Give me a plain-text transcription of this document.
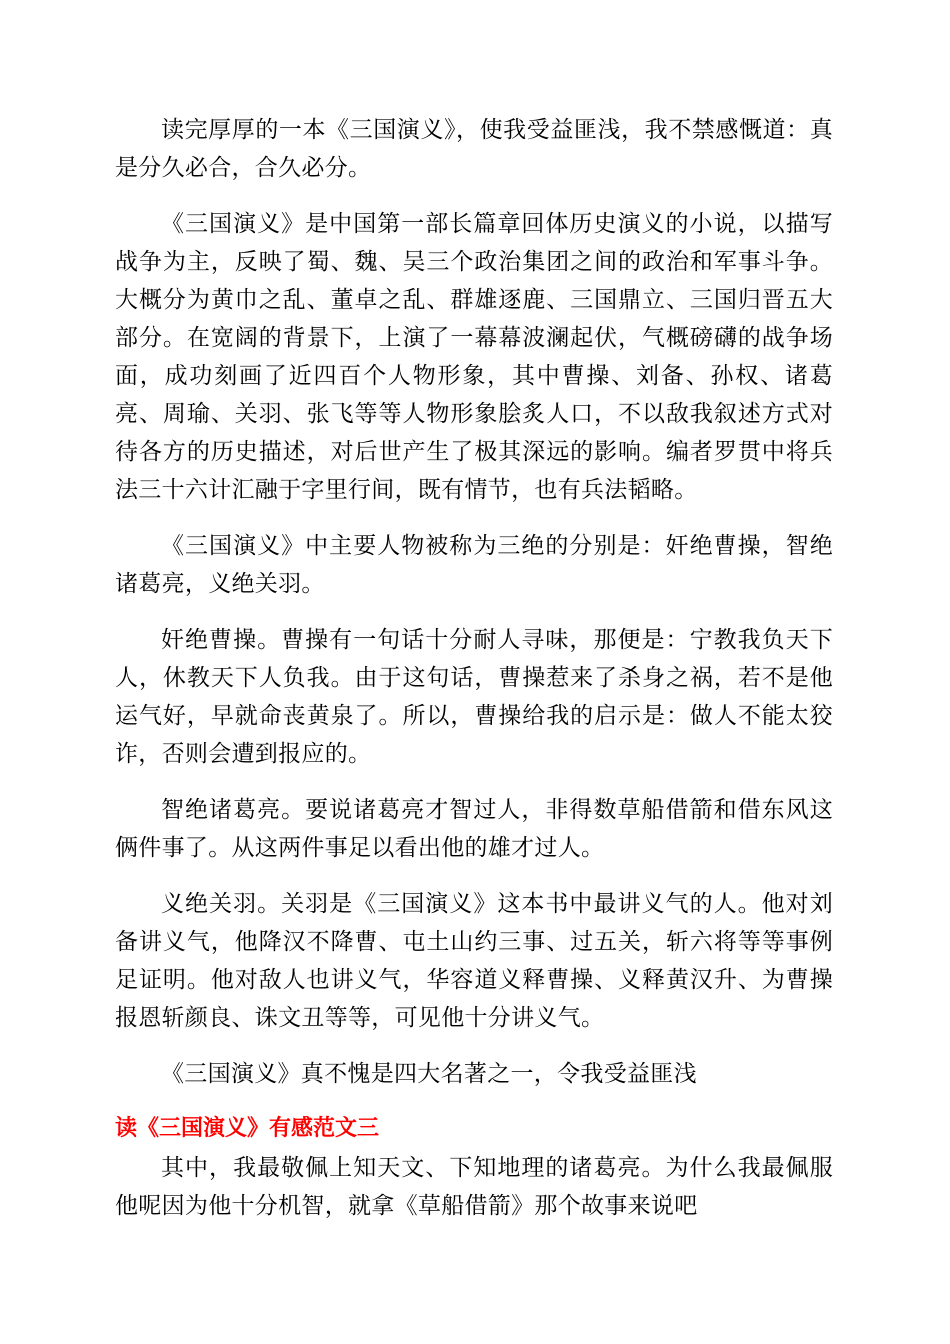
读完厚厚的一本《三国演义》，使我受益匪浅，我不禁感慨道：真是分久必合，合久必分。

《三国演义》是中国第一部长篇章回体历史演义的小说，以描写战争为主，反映了蜀、魏、吴三个政治集团之间的政治和军事斗争。大概分为黄巾之乱、董卓之乱、群雄逐鹿、三国鼎立、三国归晋五大部分。在宽阔的背景下，上演了一幕幕波澜起伏，气概磅礴的战争场面，成功刻画了近四百个人物形象，其中曹操、刘备、孙权、诸葛亮、周瑜、关羽、张飞等等人物形象脍炙人口，不以敌我叙述方式对待各方的历史描述，对后世产生了极其深远的影响。编者罗贯中将兵法三十六计汇融于字里行间，既有情节，也有兵法韬略。

《三国演义》中主要人物被称为三绝的分别是：奸绝曹操，智绝诸葛亮，义绝关羽。

奸绝曹操。曹操有一句话十分耐人寻味，那便是：宁教我负天下人，休教天下人负我。由于这句话，曹操惹来了杀身之祸，若不是他运气好，早就命丧黄泉了。所以，曹操给我的启示是：做人不能太狡诈，否则会遭到报应的。

智绝诸葛亮。要说诸葛亮才智过人，非得数草船借箭和借东风这俩件事了。从这两件事足以看出他的雄才过人。

义绝关羽。关羽是《三国演义》这本书中最讲义气的人。他对刘备讲义气，他降汉不降曹、屯土山约三事、过五关，斩六将等等事例足证明。他对敌人也讲义气，华容道义释曹操、义释黄汉升、为曹操报恩斩颜良、诛文丑等等，可见他十分讲义气。

《三国演义》真不愧是四大名著之一，令我受益匪浅

读《三国演义》有感范文三

其中，我最敬佩上知天文、下知地理的诸葛亮。为什么我最佩服他呢因为他十分机智，就拿《草船借箭》那个故事来说吧
